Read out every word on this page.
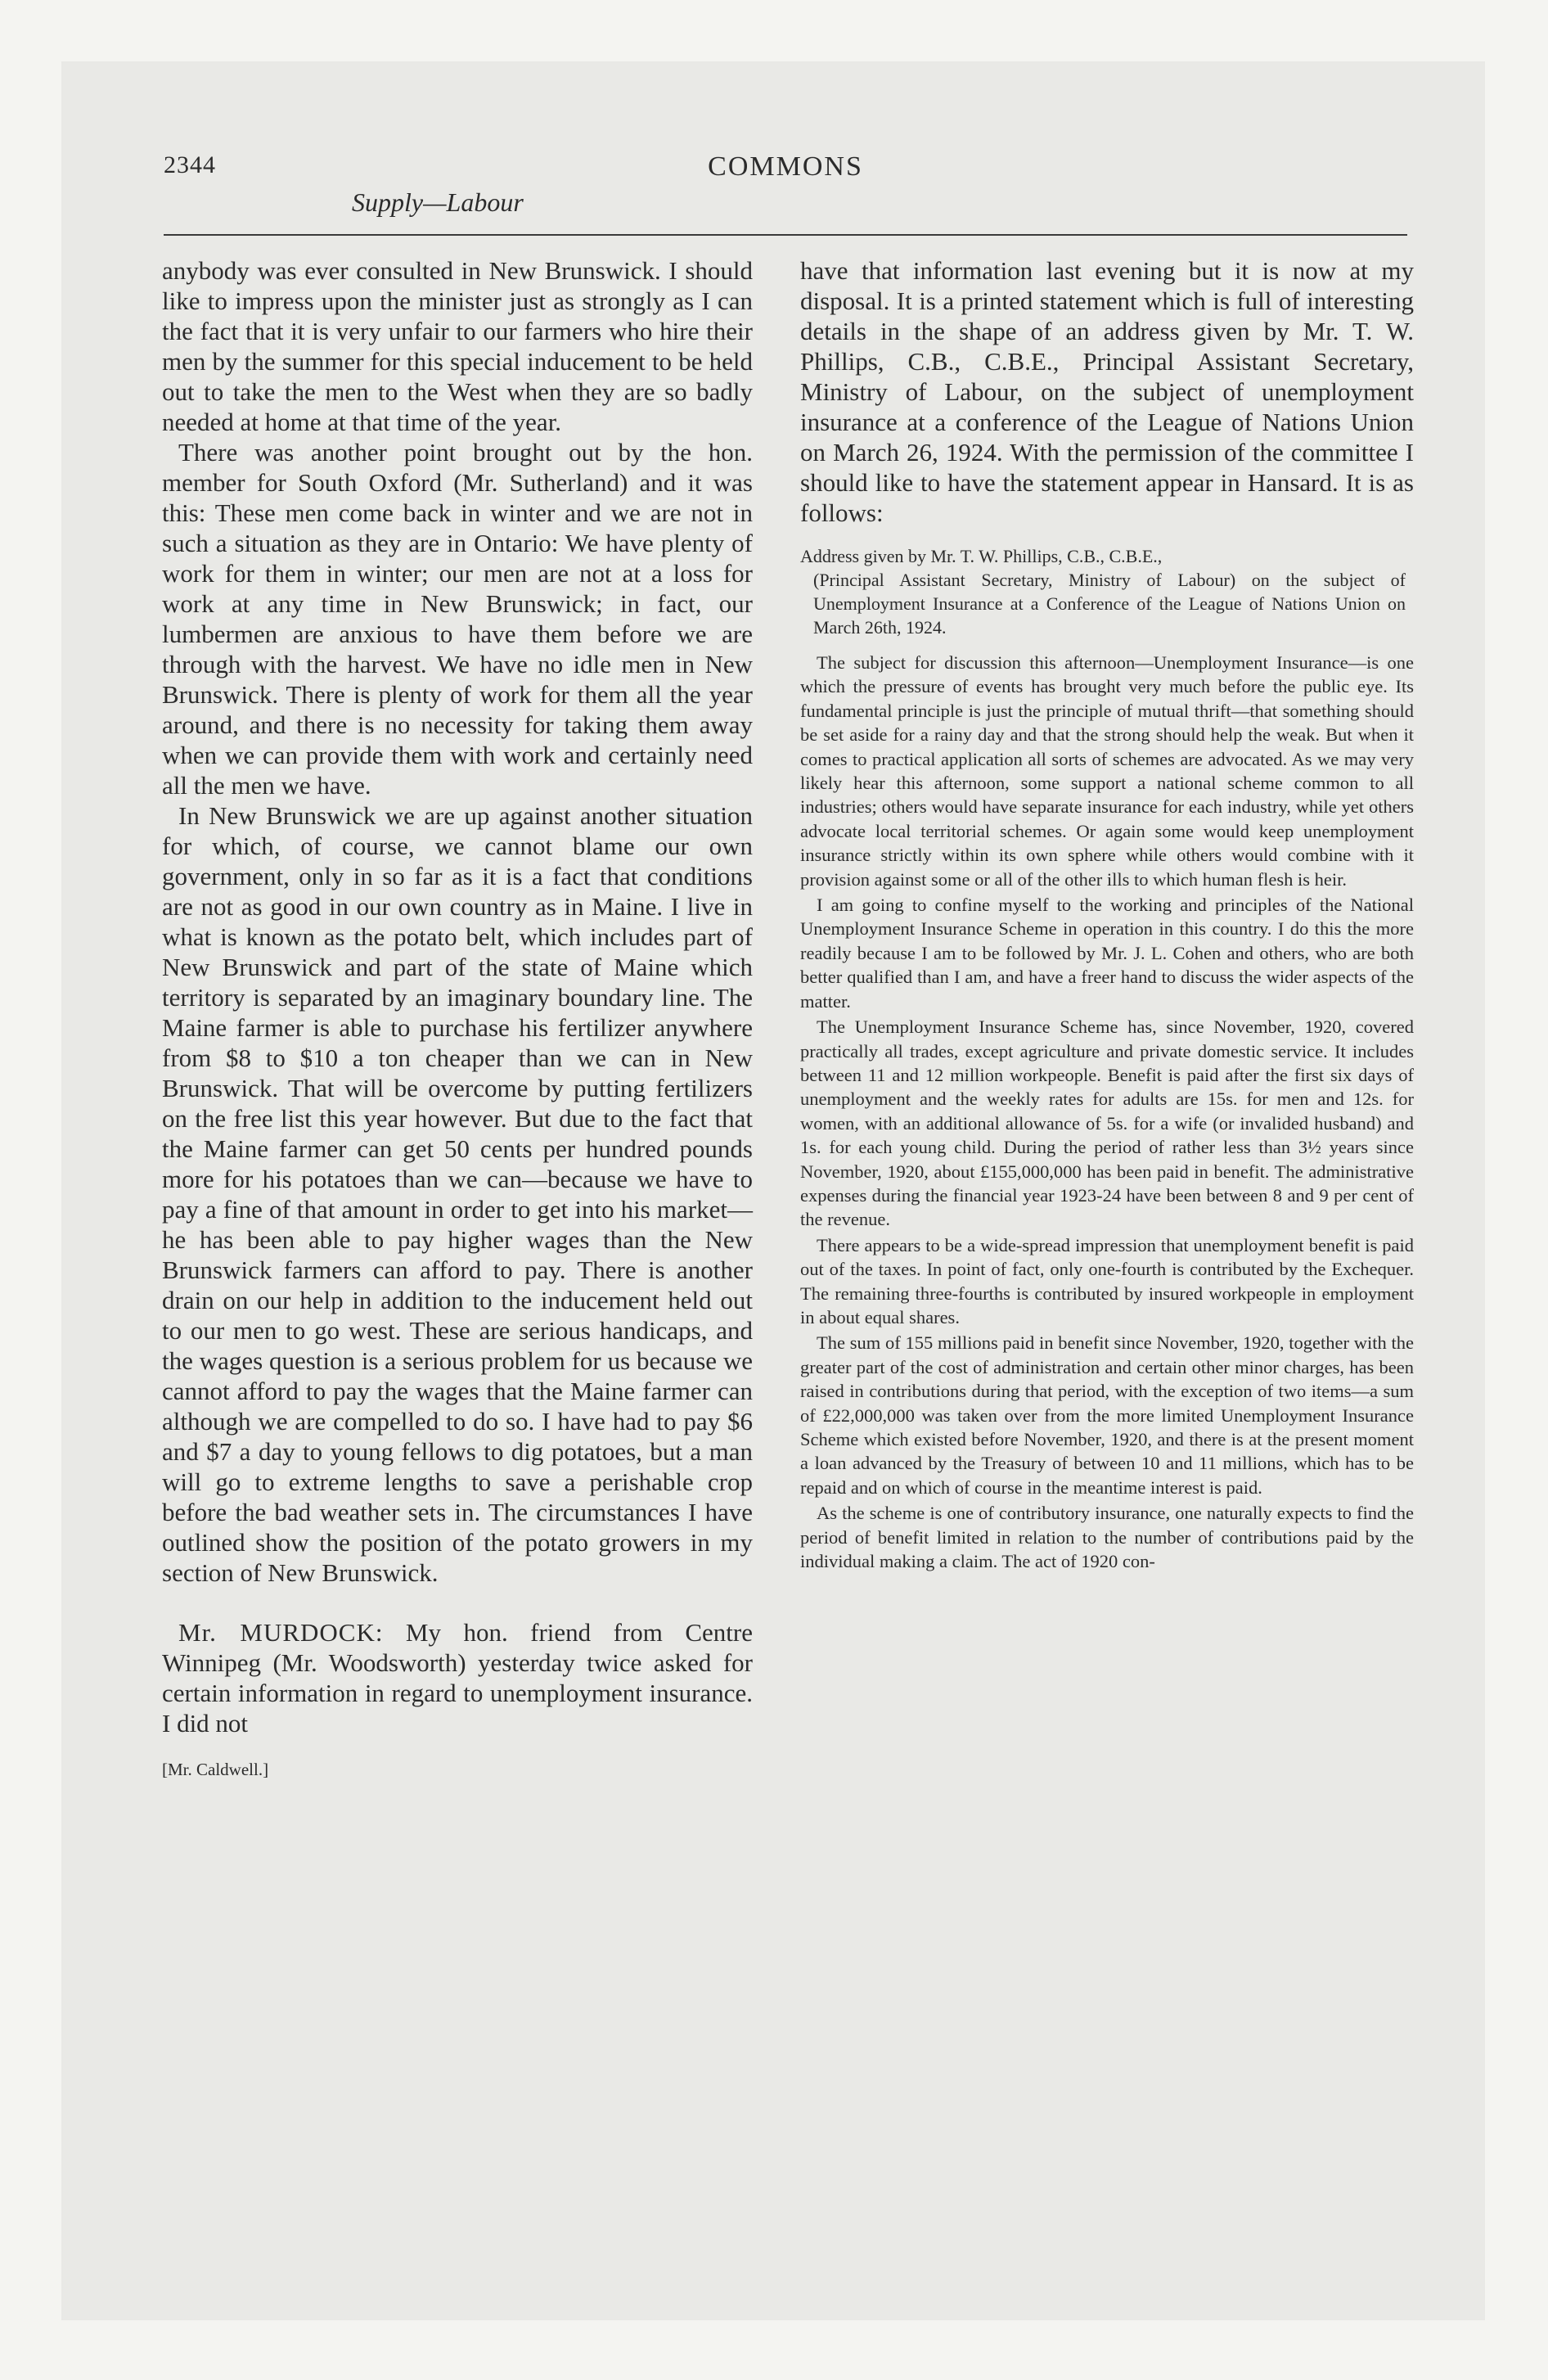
2344	COMMONS
Supply—Labour

anybody was ever consulted in New Brunswick. I should like to impress upon the minister just as strongly as I can the fact that it is very unfair to our farmers who hire their men by the summer for this special inducement to be held out to take the men to the West when they are so badly needed at home at that time of the year.

There was another point brought out by the hon. member for South Oxford (Mr. Sutherland) and it was this: These men come back in winter and we are not in such a situation as they are in Ontario: We have plenty of work for them in winter; our men are not at a loss for work at any time in New Brunswick; in fact, our lumbermen are anxious to have them before we are through with the harvest. We have no idle men in New Brunswick. There is plenty of work for them all the year around, and there is no necessity for taking them away when we can provide them with work and certainly need all the men we have.

In New Brunswick we are up against another situation for which, of course, we cannot blame our own government, only in so far as it is a fact that conditions are not as good in our own country as in Maine. I live in what is known as the potato belt, which includes part of New Brunswick and part of the state of Maine which territory is separated by an imaginary boundary line. The Maine farmer is able to purchase his fertilizer anywhere from $8 to $10 a ton cheaper than we can in New Brunswick. That will be overcome by putting fertilizers on the free list this year however. But due to the fact that the Maine farmer can get 50 cents per hundred pounds more for his potatoes than we can—because we have to pay a fine of that amount in order to get into his market—he has been able to pay higher wages than the New Brunswick farmers can afford to pay. There is another drain on our help in addition to the inducement held out to our men to go west. These are serious handicaps, and the wages question is a serious problem for us because we cannot afford to pay the wages that the Maine farmer can although we are compelled to do so. I have had to pay $6 and $7 a day to young fellows to dig potatoes, but a man will go to extreme lengths to save a perishable crop before the bad weather sets in. The circumstances I have outlined show the position of the potato growers in my section of New Brunswick.

Mr. MURDOCK: My hon. friend from Centre Winnipeg (Mr. Woodsworth) yesterday twice asked for certain information in regard to unemployment insurance. I did not

[Mr. Caldwell.]

have that information last evening but it is now at my disposal. It is a printed statement which is full of interesting details in the shape of an address given by Mr. T. W. Phillips, C.B., C.B.E., Principal Assistant Secretary, Ministry of Labour, on the subject of unemployment insurance at a conference of the League of Nations Union on March 26, 1924. With the permission of the committee I should like to have the statement appear in Hansard. It is as follows:

Address given by Mr. T. W. Phillips, C.B., C.B.E.,
(Principal Assistant Secretary, Ministry of Labour) on the subject of Unemployment Insurance at a Conference of the League of Nations Union on March 26th, 1924.

The subject for discussion this afternoon—Unemployment Insurance—is one which the pressure of events has brought very much before the public eye. Its fundamental principle is just the principle of mutual thrift—that something should be set aside for a rainy day and that the strong should help the weak. But when it comes to practical application all sorts of schemes are advocated. As we may very likely hear this afternoon, some support a national scheme common to all industries; others would have separate insurance for each industry, while yet others advocate local territorial schemes. Or again some would keep unemployment insurance strictly within its own sphere while others would combine with it provision against some or all of the other ills to which human flesh is heir.

I am going to confine myself to the working and principles of the National Unemployment Insurance Scheme in operation in this country. I do this the more readily because I am to be followed by Mr. J. L. Cohen and others, who are both better qualified than I am, and have a freer hand to discuss the wider aspects of the matter.

The Unemployment Insurance Scheme has, since November, 1920, covered practically all trades, except agriculture and private domestic service. It includes between 11 and 12 million workpeople. Benefit is paid after the first six days of unemployment and the weekly rates for adults are 15s. for men and 12s. for women, with an additional allowance of 5s. for a wife (or invalided husband) and 1s. for each young child. During the period of rather less than 3½ years since November, 1920, about £155,000,000 has been paid in benefit. The administrative expenses during the financial year 1923-24 have been between 8 and 9 per cent of the revenue.

There appears to be a wide-spread impression that unemployment benefit is paid out of the taxes. In point of fact, only one-fourth is contributed by the Exchequer. The remaining three-fourths is contributed by insured workpeople in employment in about equal shares.

The sum of 155 millions paid in benefit since November, 1920, together with the greater part of the cost of administration and certain other minor charges, has been raised in contributions during that period, with the exception of two items—a sum of £22,000,000 was taken over from the more limited Unemployment Insurance Scheme which existed before November, 1920, and there is at the present moment a loan advanced by the Treasury of between 10 and 11 millions, which has to be repaid and on which of course in the meantime interest is paid.

As the scheme is one of contributory insurance, one naturally expects to find the period of benefit limited in relation to the number of contributions paid by the individual making a claim. The act of 1920 con-
